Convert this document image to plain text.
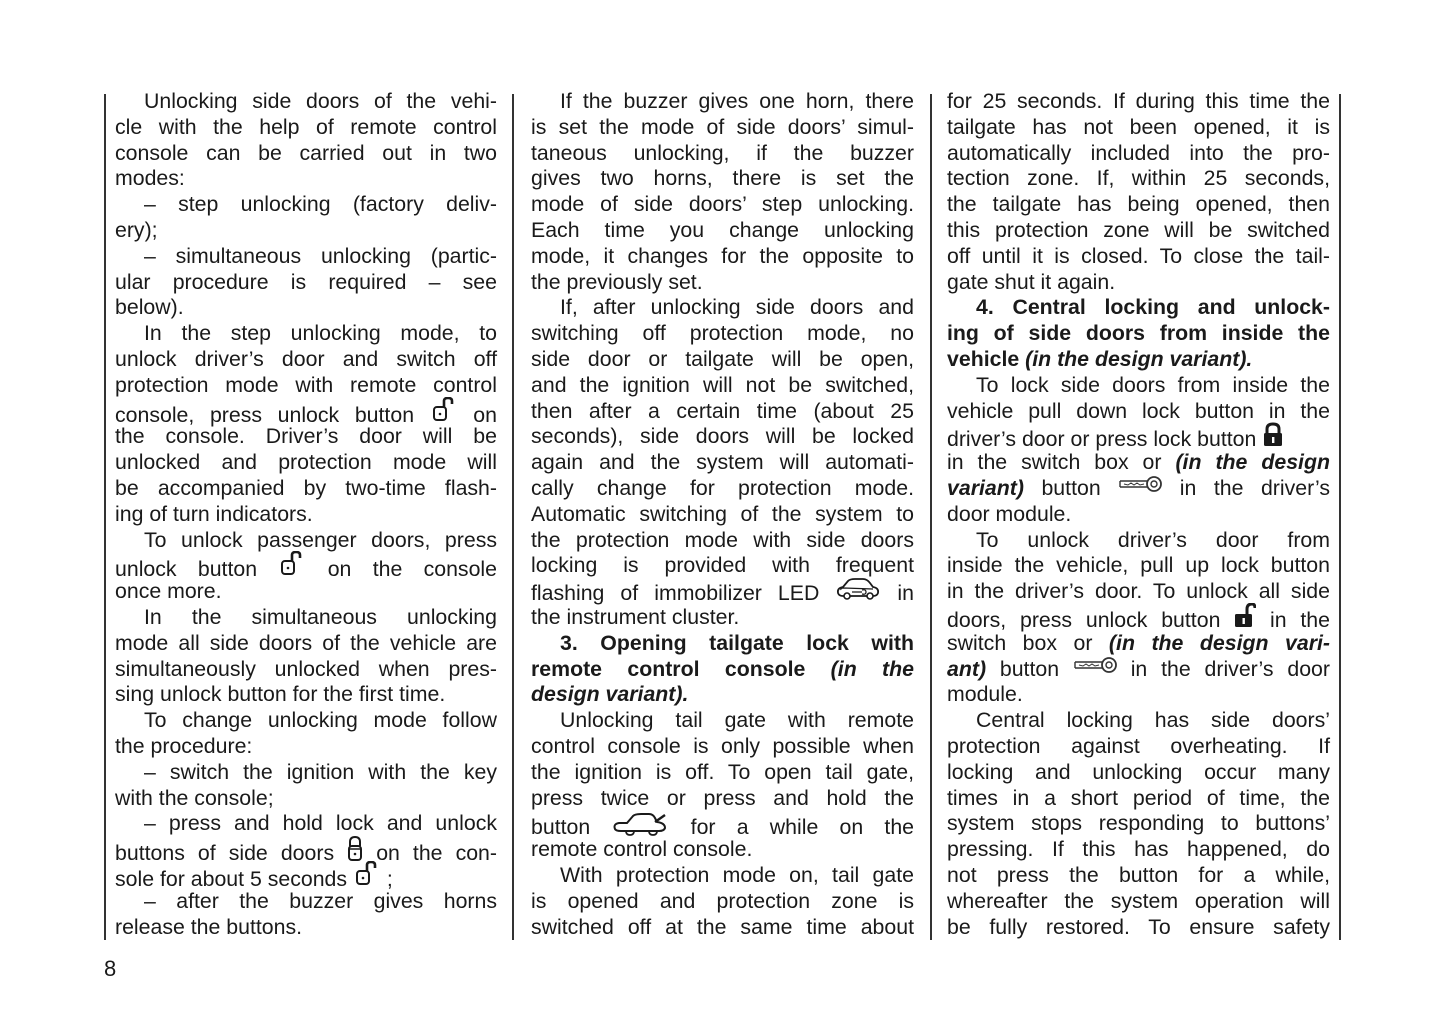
Unlocking side doors of the vehi-
cle with the help of remote control
console can be carried out in two
modes:
– step unlocking (factory deliv-
ery);
– simultaneous unlocking (partic-
ular procedure is required – see
below).
In the step unlocking mode, to
unlock driver’s door and switch off
protection mode with remote control
console, press unlock button	on
the console. Driver’s door will be
unlocked and protection mode will
be accompanied by two-time flash-
ing of turn indicators.
To unlock passenger doors, press
unlock button	on the console
once more.
In the simultaneous unlocking
mode all side doors of the vehicle are
simultaneously unlocked when pres-
sing unlock button for the first time.
To change unlocking mode follow
the procedure:
– switch the ignition with the key
with the console;
– press and hold lock and unlock
buttons of side doors on the con-
sole for about 5 seconds ;
– after the buzzer gives horns
release the buttons.
If the buzzer gives one horn, there
is set the mode of side doors’ simul-
taneous unlocking, if the buzzer
gives two horns, there is set the
mode of side doors’ step unlocking.
Each time you change unlocking
mode, it changes for the opposite to
the previously set.
If, after unlocking side doors and
switching off protection mode, no
side door or tailgate will be open,
and the ignition will not be switched,
then after a certain time (about 25
seconds), side doors will be locked
again and the system will automati-
cally change for protection mode.
Automatic switching of the system to
the protection mode with side doors
locking is provided with frequent
flashing of immobilizer LED	in
the instrument cluster.
3. Opening tailgate lock with
remote control console (in the
design variant).
Unlocking tail gate with remote
control console is only possible when
the ignition is off. To open tail gate,
press twice or press and hold the
button	for a while on the
remote control console.
With protection mode on, tail gate
is opened and protection zone is
switched off at the same time about
for 25 seconds. If during this time the
tailgate has not been opened, it is
automatically included into the pro-
tection zone. If, within 25 seconds,
the tailgate has being opened, then
this protection zone will be switched
off until it is closed. To close the tail-
gate shut it again.
4. Central locking and unlock-
ing of side doors from inside the
vehicle (in the design variant).
To lock side doors from inside the
vehicle pull down lock button in the
driver’s door or press lock button
in the switch box or (in the design
variant) button	in the driver’s
door module.
To unlock driver’s door from
inside the vehicle, pull up lock button
in the driver’s door. To unlock all side
doors, press unlock button in the
switch box or (in the design vari-
ant) button	in the driver’s door
module.
Central locking has side doors’
protection against overheating. If
locking and unlocking occur many
times in a short period of time, the
system stops responding to buttons’
pressing. If this has happened, do
not press the button for a while,
whereafter the system operation will
be fully restored. To ensure safety
8
